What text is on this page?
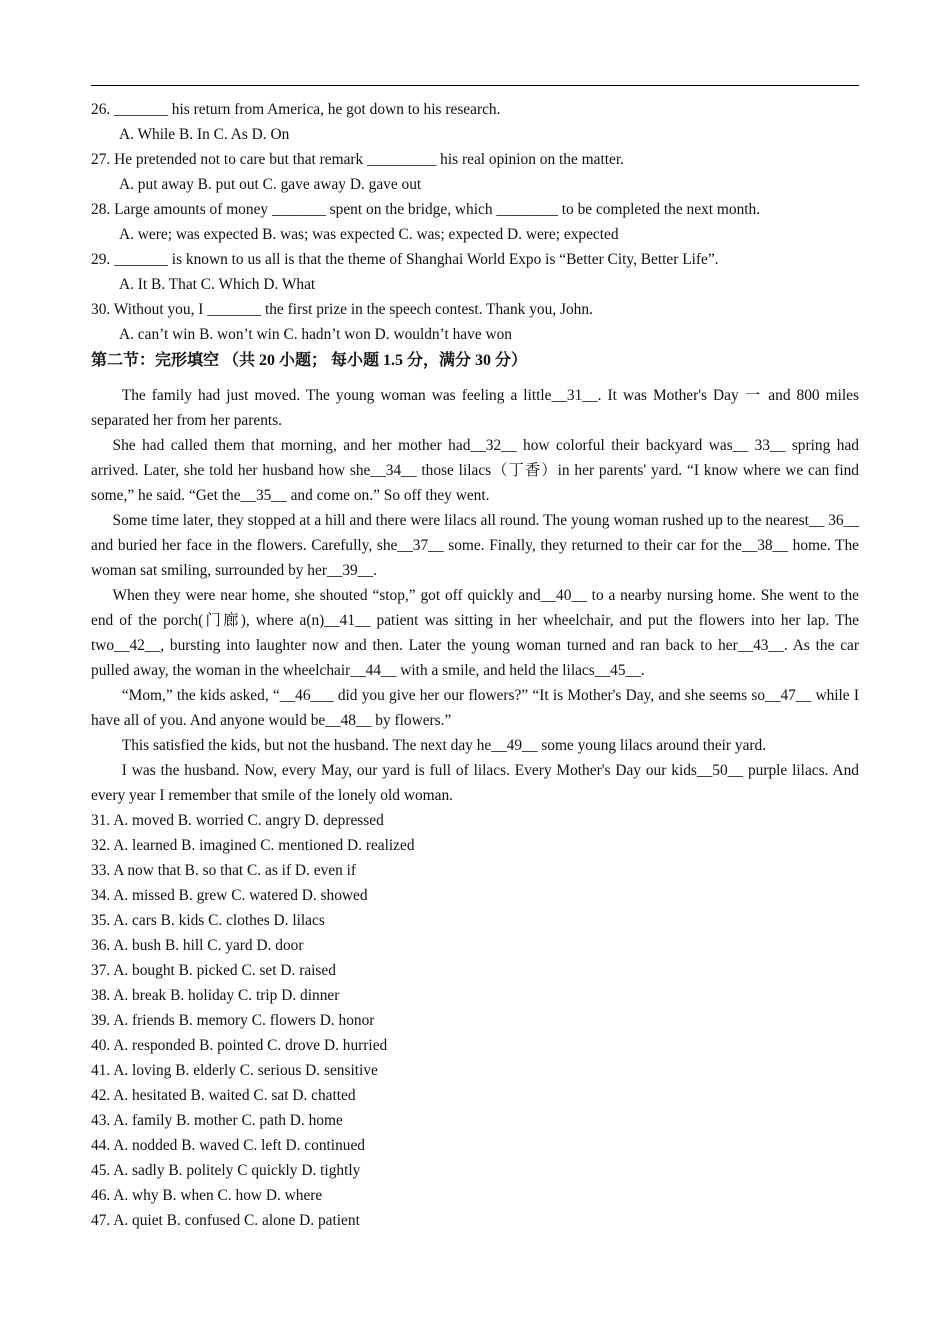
26. _______ his return from America, he got down to his research.
A. While B. In C. As D. On
27. He pretended not to care but that remark _________ his real opinion on the matter.
A. put away B. put out C. gave away D. gave out
28. Large amounts of money _______ spent on the bridge, which ________ to be completed the next month.
A. were; was expected B. was; was expected C. was; expected D. were; expected
29. _______ is known to us all is that the theme of Shanghai World Expo is “Better City, Better Life”.
A. It B. That C. Which D. What
30. Without you, I _______ the first prize in the speech contest. Thank you, John.
A. can’t win B. won’t win C. hadn’t won D. wouldn’t have won
第二节：完形填空 （共 20 小题； 每小题 1.5 分，满分 30 分）

The family had just moved. The young woman was feeling a little__31__. It was Mother's Day 一 and 800 miles separated her from her parents.

She had called them that morning, and her mother had__32__ how colorful their backyard was__ 33__ spring had arrived. Later, she told her husband how she__34__ those lilacs（丁香）in her parents' yard. “I know where we can find some,” he said. “Get the__35__ and come on.” So off they went.

Some time later, they stopped at a hill and there were lilacs all round. The young woman rushed up to the nearest__ 36__ and buried her face in the flowers. Carefully, she__37__ some. Finally, they returned to their car for the__38__ home. The woman sat smiling, surrounded by her__39__.

When they were near home, she shouted “stop,” got off quickly and__40__ to a nearby nursing home. She went to the end of the porch(门廊), where a(n)__41__ patient was sitting in her wheelchair, and put the flowers into her lap. The two__42__, bursting into laughter now and then. Later the young woman turned and ran back to her__43__. As the car pulled away, the woman in the wheelchair__44__ with a smile, and held the lilacs__45__.

“Mom,” the kids asked, “__46___ did you give her our flowers?” “It is Mother's Day, and she seems so__47__ while I have all of you. And anyone would be__48__ by flowers.”

This satisfied the kids, but not the husband. The next day he__49__ some young lilacs around their yard.

I was the husband. Now, every May, our yard is full of lilacs. Every Mother's Day our kids__50__ purple lilacs. And every year I remember that smile of the lonely old woman.

31. A. moved B. worried C. angry D. depressed
32. A. learned B. imagined C. mentioned D. realized
33. A now that B. so that C. as if D. even if
34. A. missed B. grew C. watered D. showed
35. A. cars B. kids C. clothes D. lilacs
36. A. bush B. hill C. yard D. door
37. A. bought B. picked C. set D. raised
38. A. break B. holiday C. trip D. dinner
39. A. friends B. memory C. flowers D. honor
40. A. responded B. pointed C. drove D. hurried
41. A. loving B. elderly C. serious D. sensitive
42. A. hesitated B. waited C. sat D. chatted
43. A. family B. mother C. path D. home
44. A. nodded B. waved C. left D. continued
45. A. sadly B. politely C quickly D. tightly
46. A. why B. when C. how D. where
47. A. quiet B. confused C. alone D. patient
